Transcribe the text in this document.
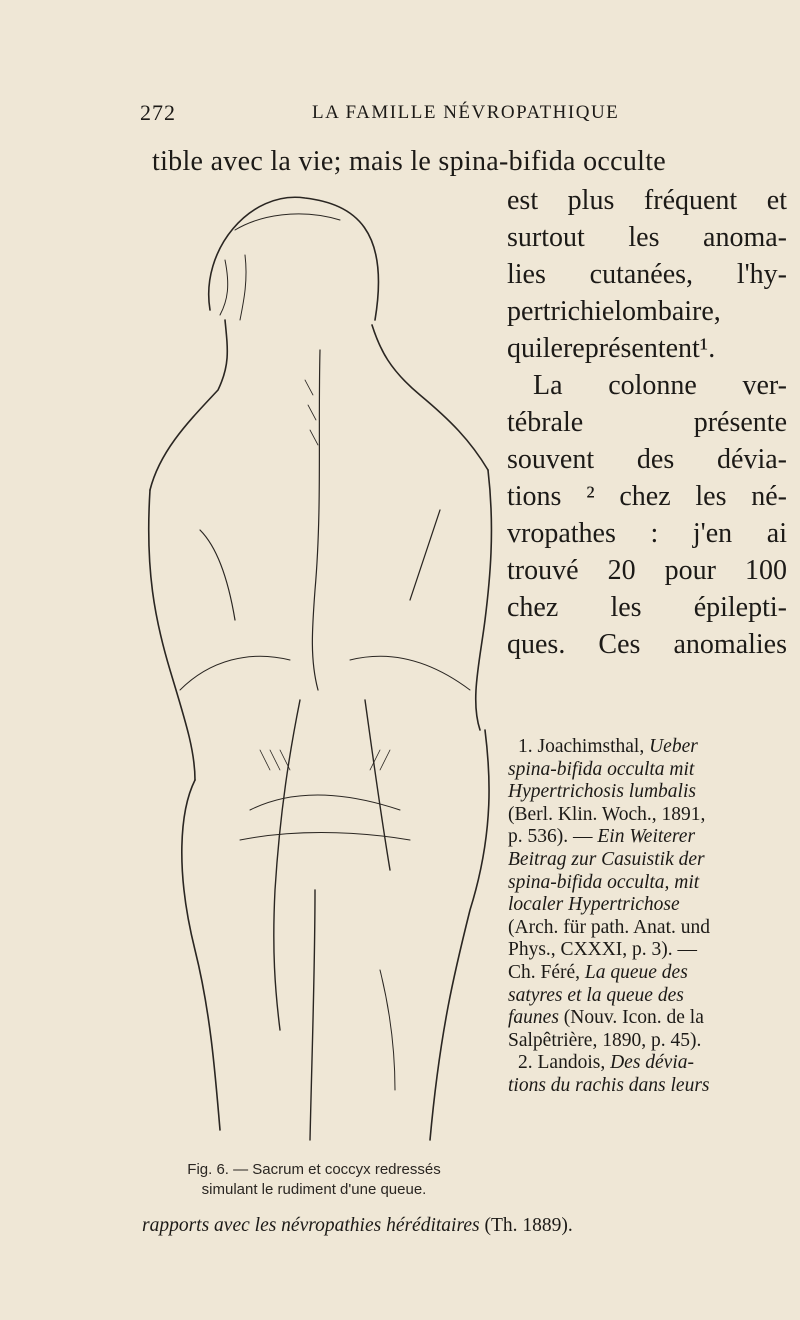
272	LA FAMILLE NÉVROPATHIQUE
tible avec la vie; mais le spina-bifida occulte
est plus fréquent et
surtout les anoma-
lies cutanées, l'hy-
pertrichielombaire,
quilereprésentent¹.
La colonne ver-
tébrale présente
souvent des dévia-
tions ² chez les né-
vropathes : j'en ai
trouvé 20 pour 100
chez les épilepti-
ques. Ces anomalies
1. Joachimsthal, Ueber
spina-bifida occulta mit
Hypertrichosis lumbalis
(Berl. Klin. Woch., 1891,
p. 536). — Ein Weiterer
Beitrag zur Casuistik der
spina-bifida occulta, mit
localer Hypertrichose
(Arch. für path. Anat. und
Phys., CXXXI, p. 3). —
Ch. Féré, La queue des
satyres et la queue des
faunes (Nouv. Icon. de la
Salpêtrière, 1890, p. 45).
2. Landois, Des dévia-
tions du rachis dans leurs
rapports avec les névropathies héréditaires (Th. 1889).
Fig. 6. — Sacrum et coccyx redressés
simulant le rudiment d'une queue.
